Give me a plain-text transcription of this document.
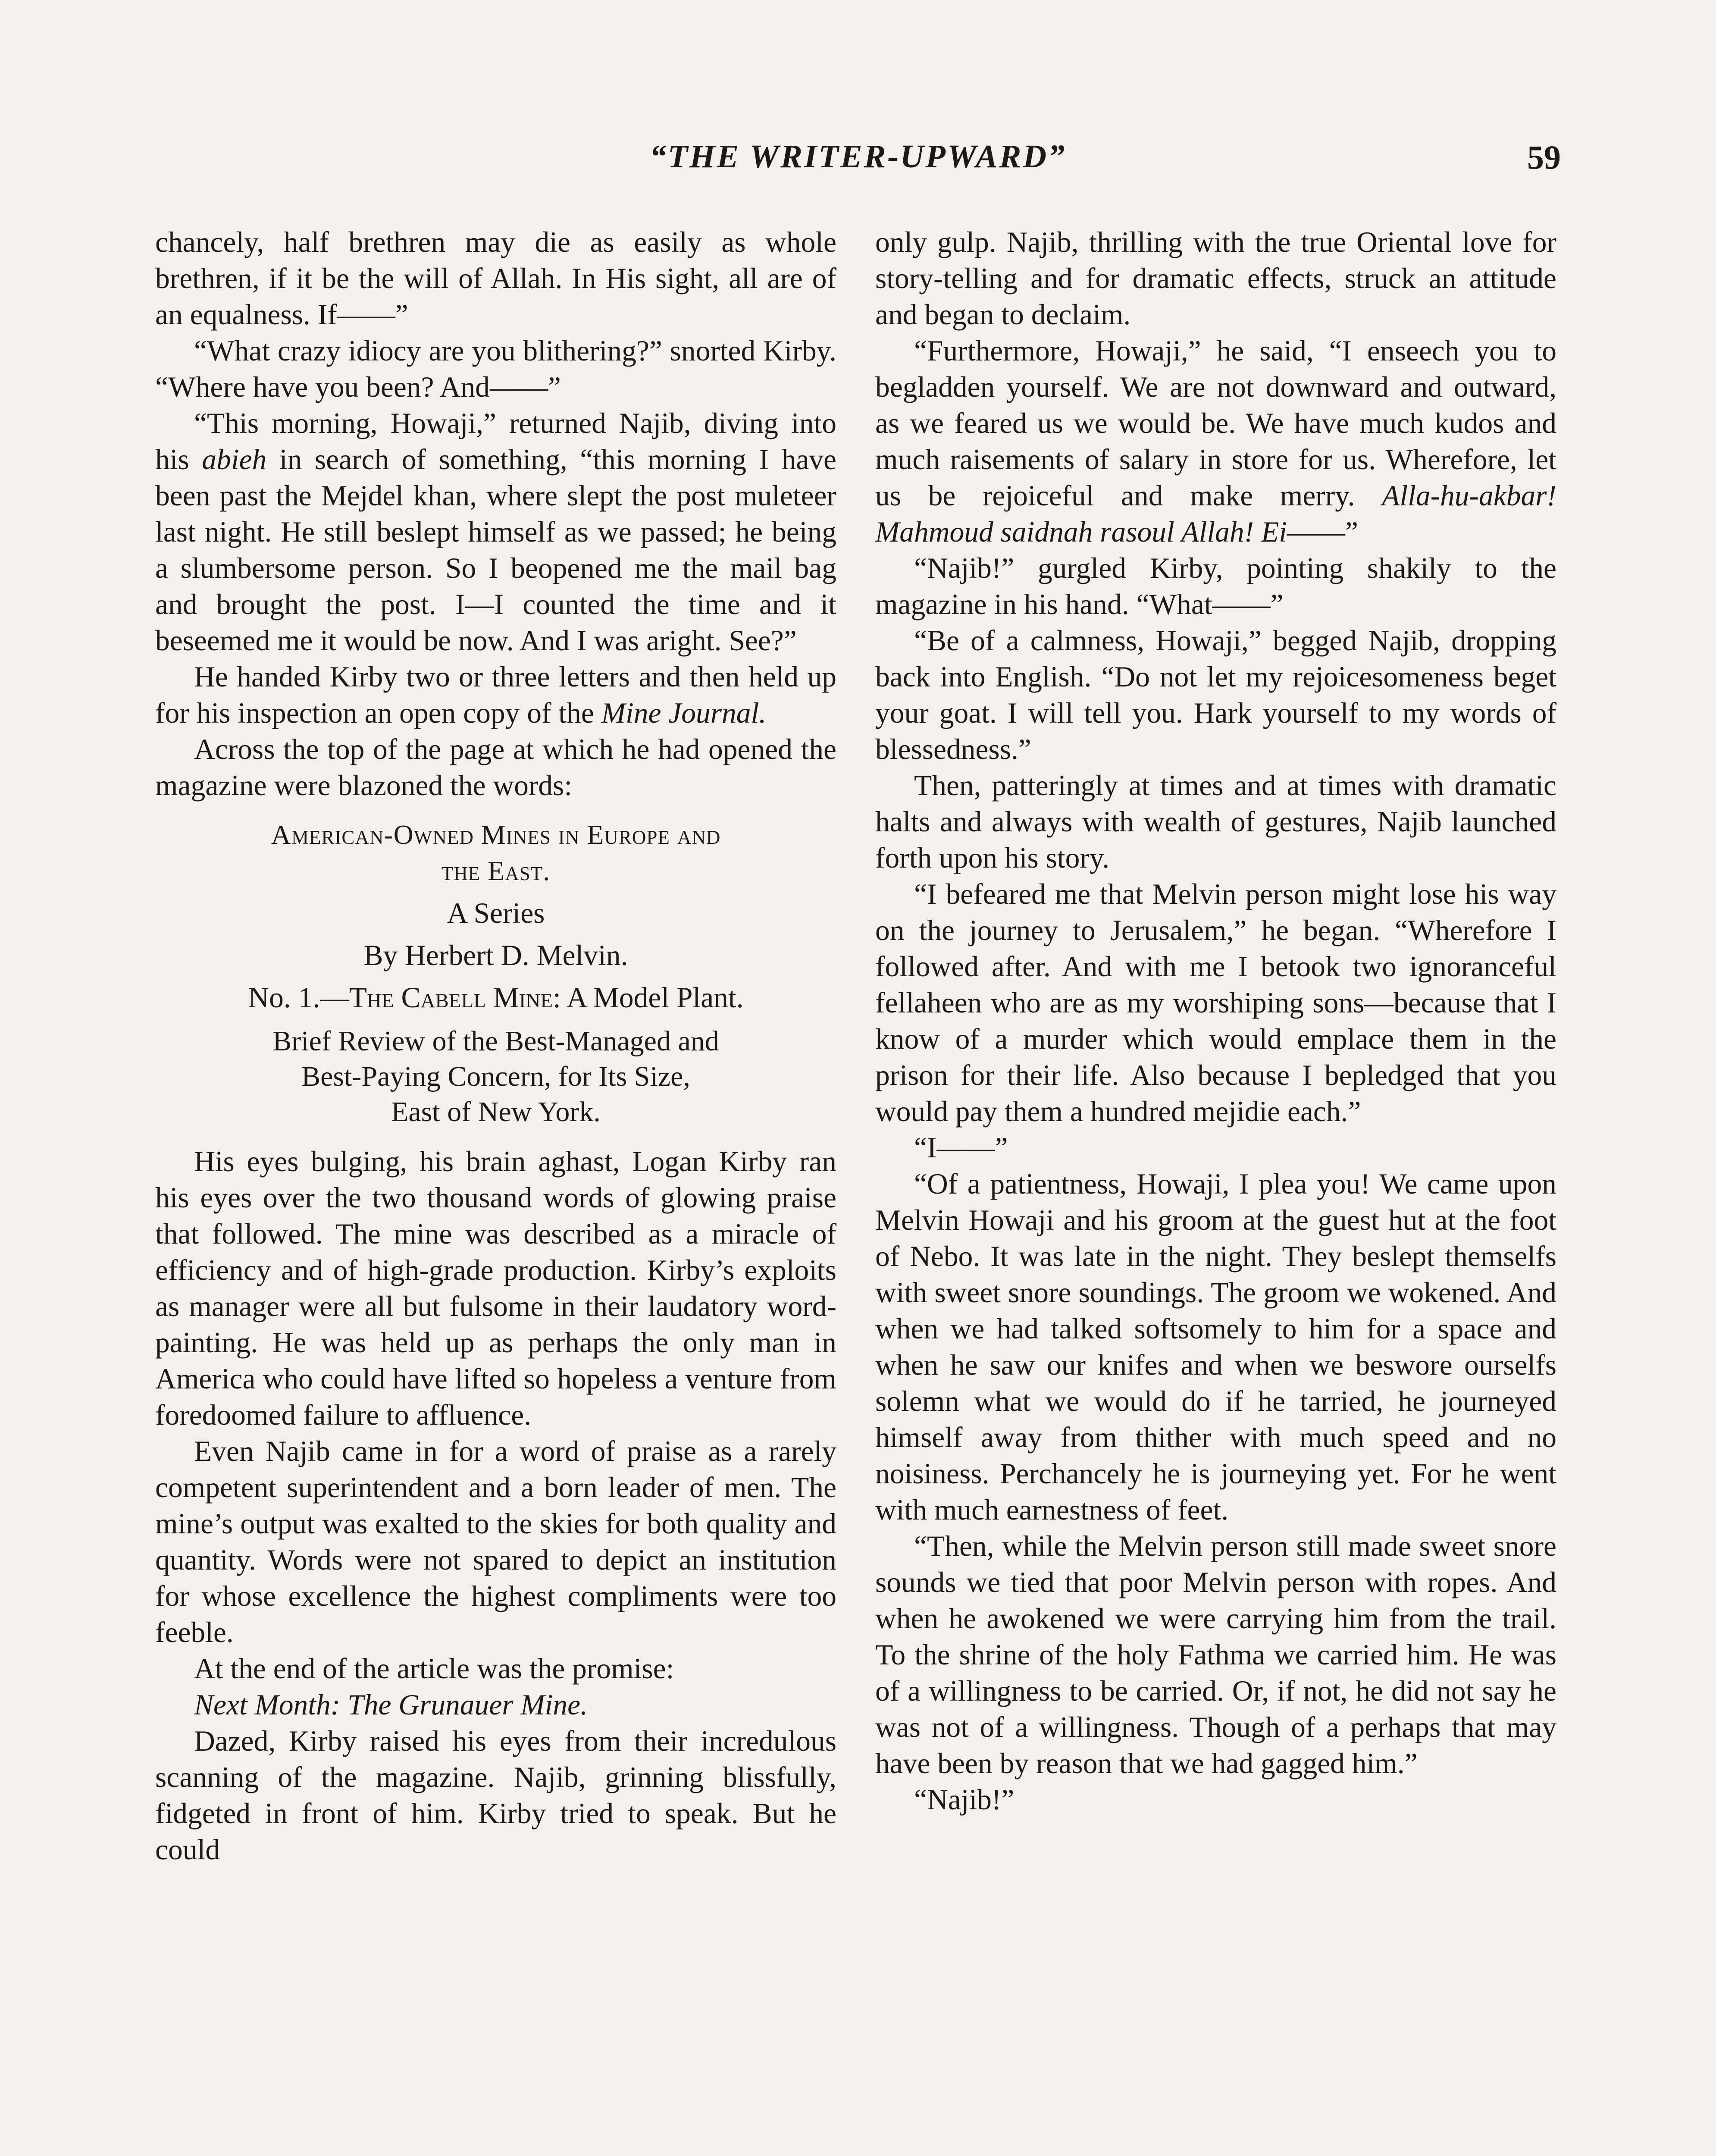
“THE WRITER-UPWARD”	59

chancely, half brethren may die as easily as whole brethren, if it be the will of Allah. In His sight, all are of an equalness. If——”

“What crazy idiocy are you blithering?” snorted Kirby. “Where have you been? And——”

“This morning, Howaji,” returned Najib, diving into his abieh in search of something, “this morning I have been past the Mejdel khan, where slept the post muleteer last night. He still beslept himself as we passed; he being a slumbersome person. So I beopened me the mail bag and brought the post. I—I counted the time and it beseemed me it would be now. And I was aright. See?”

He handed Kirby two or three letters and then held up for his inspection an open copy of the Mine Journal.

Across the top of the page at which he had opened the magazine were blazoned the words:

American-Owned Mines in Europe and
the East.
A Series
By Herbert D. Melvin.
No. 1.—The Cabell Mine: A Model Plant.
Brief Review of the Best-Managed and
Best-Paying Concern, for Its Size,
East of New York.

His eyes bulging, his brain aghast, Logan Kirby ran his eyes over the two thousand words of glowing praise that followed. The mine was described as a miracle of efficiency and of high-grade production. Kirby’s exploits as manager were all but fulsome in their laudatory word-painting. He was held up as perhaps the only man in America who could have lifted so hopeless a venture from foredoomed failure to affluence.

Even Najib came in for a word of praise as a rarely competent superintendent and a born leader of men. The mine’s output was exalted to the skies for both quality and quantity. Words were not spared to depict an institution for whose excellence the highest compliments were too feeble.

At the end of the article was the promise:

Next Month: The Grunauer Mine.

Dazed, Kirby raised his eyes from their incredulous scanning of the magazine. Najib, grinning blissfully, fidgeted in front of him. Kirby tried to speak. But he could

only gulp. Najib, thrilling with the true Oriental love for story-telling and for dramatic effects, struck an attitude and began to declaim.

“Furthermore, Howaji,” he said, “I enseech you to begladden yourself. We are not downward and outward, as we feared us we would be. We have much kudos and much raisements of salary in store for us. Wherefore, let us be rejoiceful and make merry. Alla-hu-akbar! Mahmoud saidnah rasoul Allah! Ei——”

“Najib!” gurgled Kirby, pointing shakily to the magazine in his hand. “What——”

“Be of a calmness, Howaji,” begged Najib, dropping back into English. “Do not let my rejoicesomeness beget your goat. I will tell you. Hark yourself to my words of blessedness.”

Then, patteringly at times and at times with dramatic halts and always with wealth of gestures, Najib launched forth upon his story.

“I befeared me that Melvin person might lose his way on the journey to Jerusalem,” he began. “Wherefore I followed after. And with me I betook two ignoranceful fellaheen who are as my worshiping sons—because that I know of a murder which would emplace them in the prison for their life. Also because I bepledged that you would pay them a hundred mejidie each.”

“I——”

“Of a patientness, Howaji, I plea you! We came upon Melvin Howaji and his groom at the guest hut at the foot of Nebo. It was late in the night. They beslept themselfs with sweet snore soundings. The groom we wokened. And when we had talked softsomely to him for a space and when he saw our knifes and when we beswore ourselfs solemn what we would do if he tarried, he journeyed himself away from thither with much speed and no noisiness. Perchancely he is journeying yet. For he went with much earnestness of feet.

“Then, while the Melvin person still made sweet snore sounds we tied that poor Melvin person with ropes. And when he awokened we were carrying him from the trail. To the shrine of the holy Fathma we carried him. He was of a willingness to be carried. Or, if not, he did not say he was not of a willingness. Though of a perhaps that may have been by reason that we had gagged him.”

“Najib!”
